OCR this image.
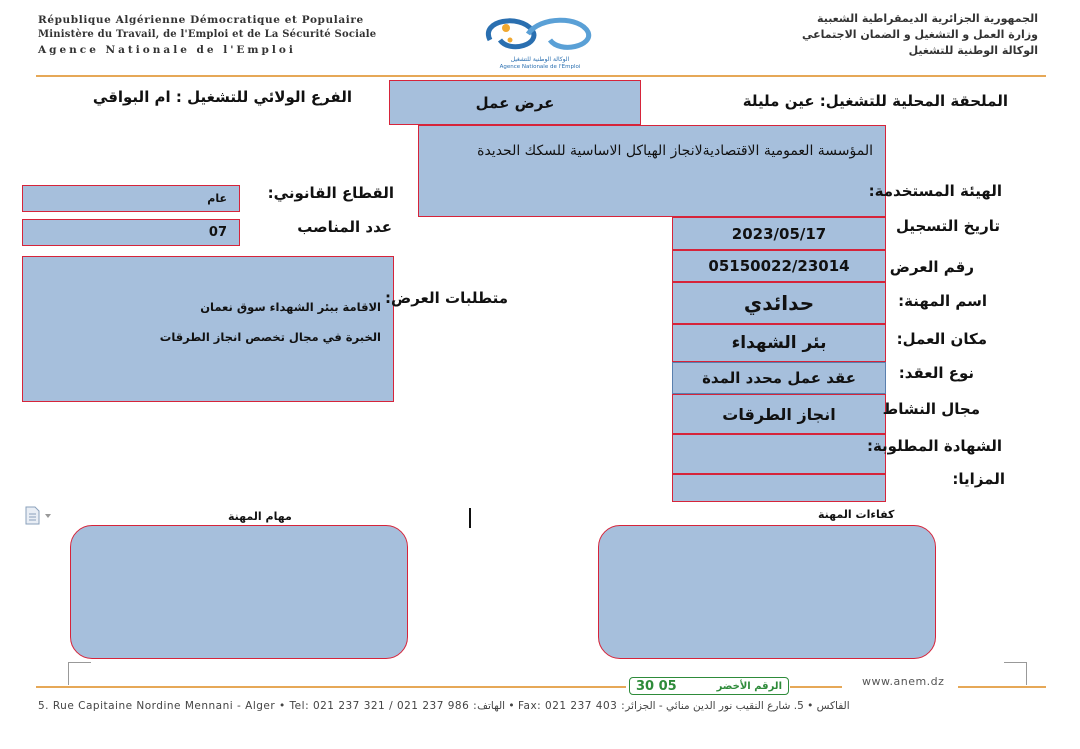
République Algérienne Démocratique et Populaire
Ministère du Travail, de l'Emploi et de La Sécurité Sociale
Agence Nationale de l'Emploi
الوكالة الوطنية للتشغيل
Agence Nationale de l'Emploi
الجمهورية الجزائرية الديمقراطية الشعبية
وزارة العمل و التشغيل و الضمان الاجتماعي
الوكالة الوطنية للتشغيل
الملحقة المحلية للتشغيل: عين مليلة
عرض عمل
الفرع الولائي للتشغيل : ام البواقي
المؤسسة العمومية الاقتصاديةلانجاز الهياكل الاساسية للسكك الحديدة
الهيئة المستخدمة:
2023/05/17	تاريخ التسجيل
05150022/23014	رقم العرض
حدائدي	اسم المهنة:
بئر الشهداء	مكان العمل:
عقد عمل محدد المدة	نوع العقد:
انجاز الطرقات	مجال النشاط
الشهادة المطلوبة:
المزايا:
عام	القطاع القانوني:
07	عدد المناصب
الاقامة ببئر الشهداء سوق نعمان
الخبرة في مجال تخصص انجاز الطرقات
متطلبات العرض:
كفاءات المهنة
مهام المهنة
30 05	الرقم الأخضر	www.anem.dz
5. Rue Capitaine Nordine Mennani - Alger • Tel: 021 237 321 / 021 237 986 :الهاتف • Fax: 021 237 403 :الفاكس • 5. شارع النقيب نور الدين منائي - الجزائر
